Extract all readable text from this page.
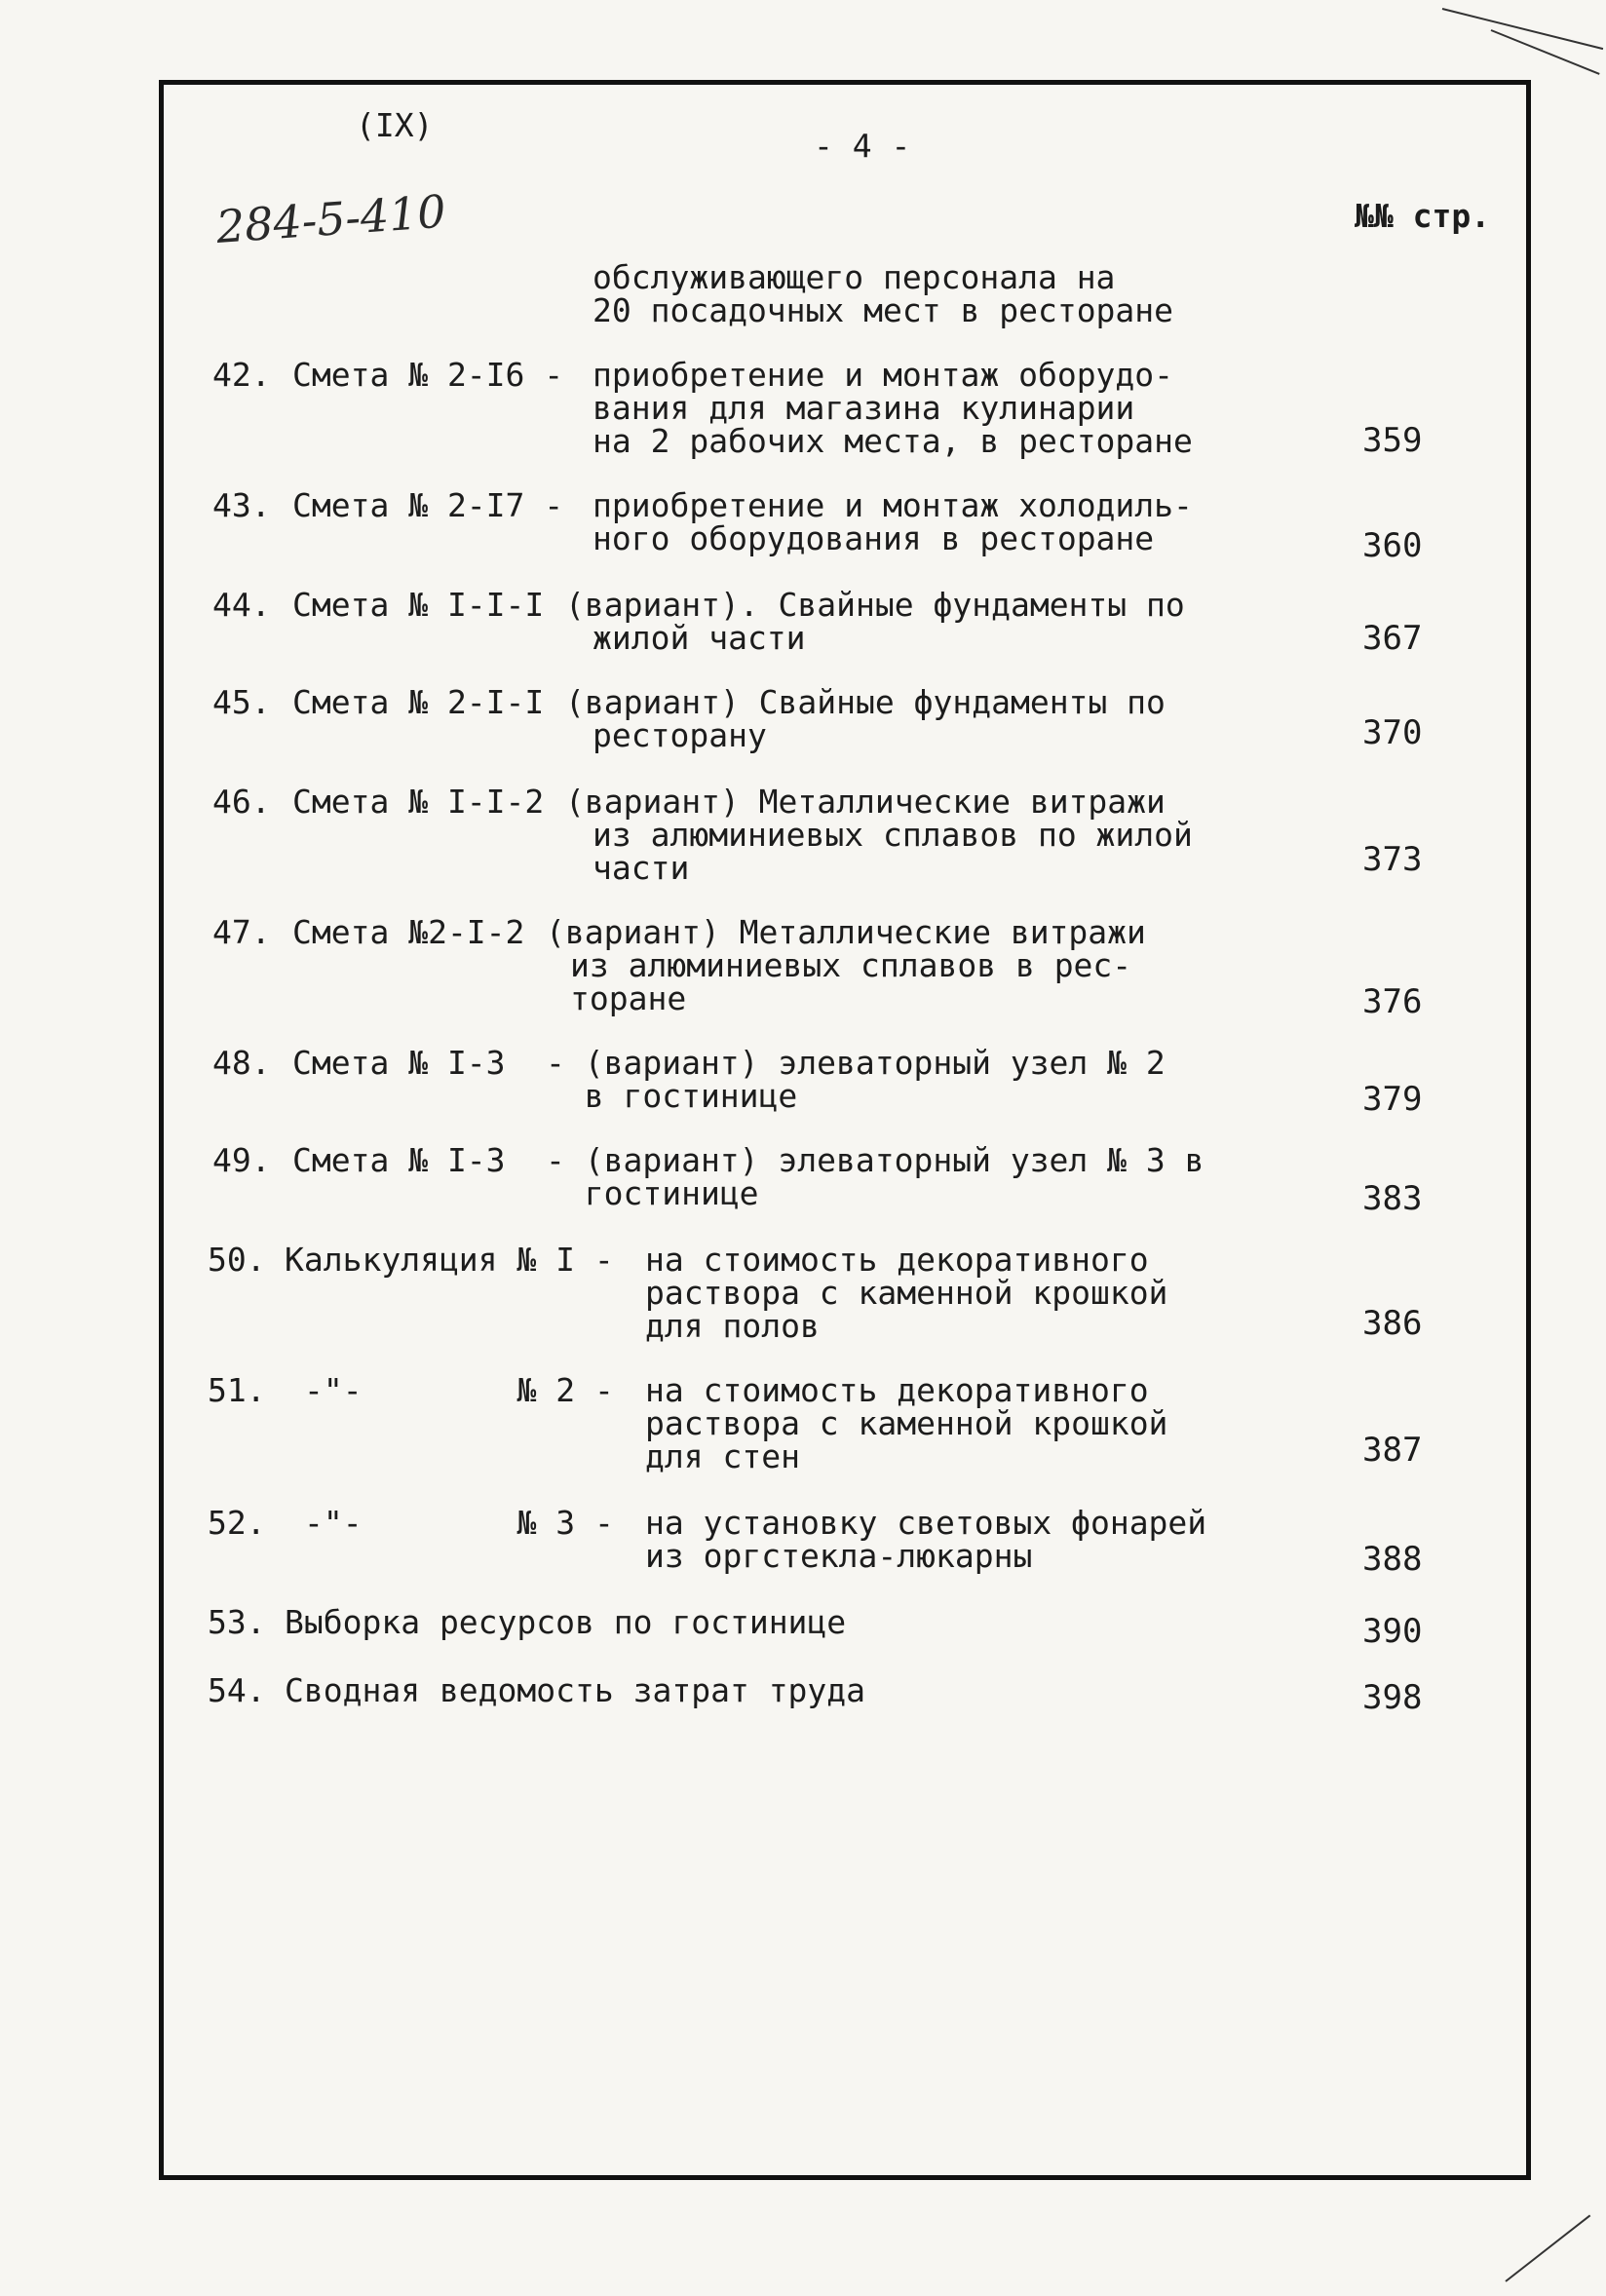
(IX)
- 4 -
284-5-410	№№ стр.
обслуживающего персонала на
20 посадочных мест в ресторане
42. Смета № 2-I6 - приобретение и монтаж оборудо-
вания для магазина кулинарии
на 2 рабочих места, в ресторане	359
43. Смета № 2-I7 - приобретение и монтаж холодиль-
ного оборудования в ресторане	360
44. Смета № I-I-I (вариант). Свайные фундаменты по
жилой части	367
45. Смета № 2-I-I (вариант) Свайные фундаменты по
ресторану	370
46. Смета № I-I-2 (вариант) Металлические витражи
из алюминиевых сплавов по жилой
части	373
47. Смета №2-I-2 (вариант) Металлические витражи
из алюминиевых сплавов в рес-
торане	376
48. Смета № I-3 - (вариант) элеваторный узел № 2
в гостинице	379
49. Смета № I-3 - (вариант) элеваторный узел № 3 в
гостинице	383
50. Калькуляция № I - на стоимость декоративного
раствора с каменной крошкой
для полов	386
51. -"-        № 2 - на стоимость декоративного
раствора с каменной крошкой
для стен	387
52. -"-        № 3 - на установку световых фонарей
из оргстекла-люкарны	388
53. Выборка ресурсов по гостинице	390
54. Сводная ведомость затрат труда	398
